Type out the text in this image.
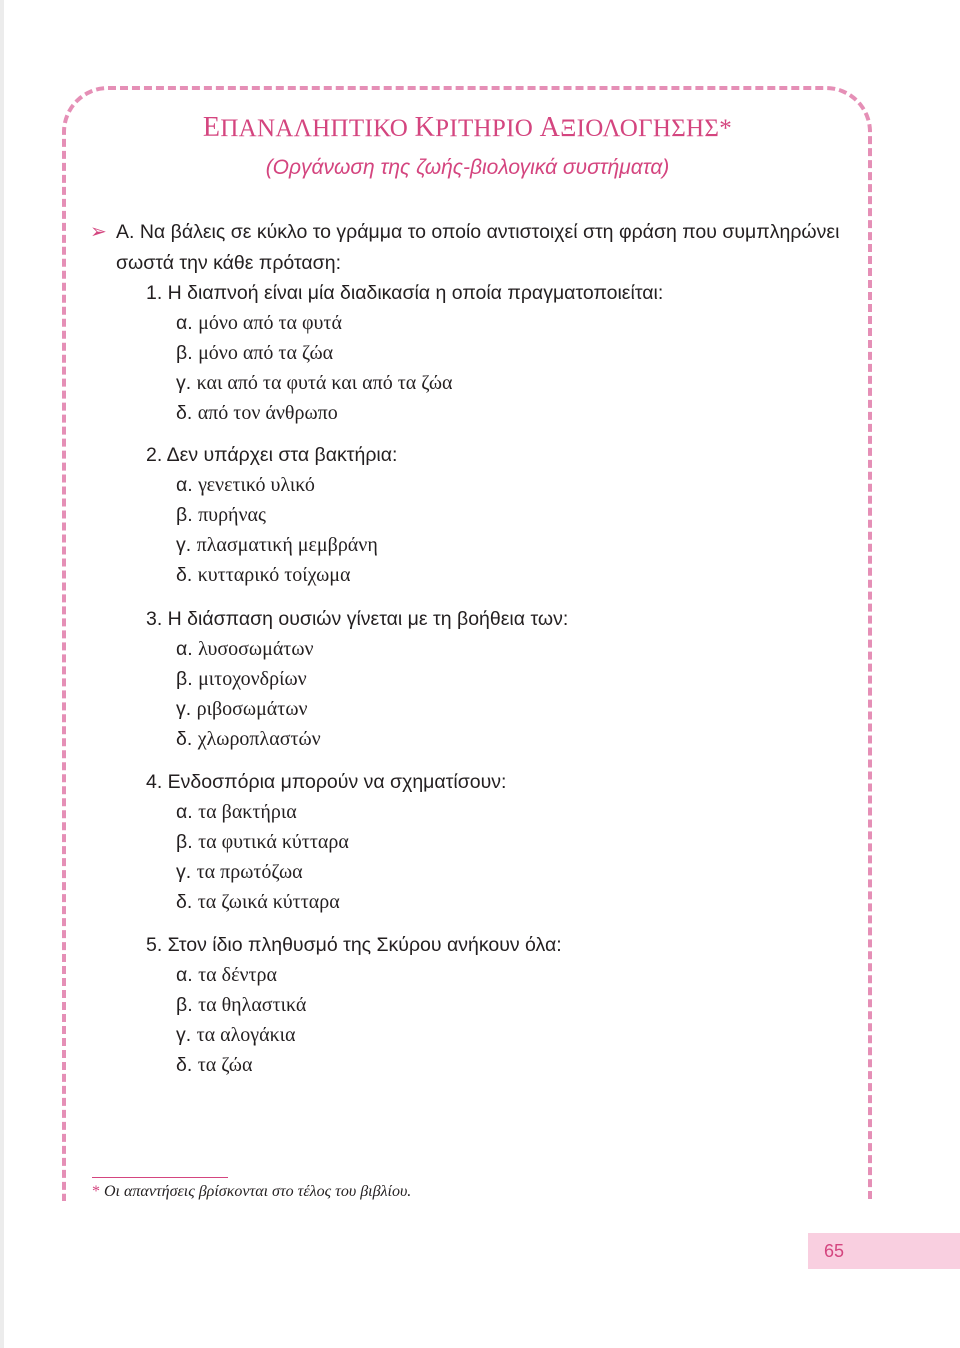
ΕΠΑΝΑΛΗΠΤΙΚΟ ΚΡΙΤΗΡΙΟ ΑΞΙΟΛΟΓΗΣΗΣ*

(Οργάνωση της ζωής-βιολογικά συστήματα)

➢ Α. Να βάλεις σε κύκλο το γράμμα το οποίο αντιστοιχεί στη φράση που συμπληρώνει σωστά την κάθε πρόταση:
1. Η διαπνοή είναι μία διαδικασία η οποία πραγματοποιείται:
α. μόνο από τα φυτά
β. μόνο από τα ζώα
γ. και από τα φυτά και από τα ζώα
δ. από τον άνθρωπο
2. Δεν υπάρχει στα βακτήρια:
α. γενετικό υλικό
β. πυρήνας
γ. πλασματική μεμβράνη
δ. κυτταρικό τοίχωμα
3. Η διάσπαση ουσιών γίνεται με τη βοήθεια των:
α. λυσοσωμάτων
β. μιτοχονδρίων
γ. ριβοσωμάτων
δ. χλωροπλαστών
4. Ενδοσπόρια μπορούν να σχηματίσουν:
α. τα βακτήρια
β. τα φυτικά κύτταρα
γ. τα πρωτόζωα
δ. τα ζωικά κύτταρα
5. Στον ίδιο πληθυσμό της Σκύρου ανήκουν όλα:
α. τα δέντρα
β. τα θηλαστικά
γ. τα αλογάκια
δ. τα ζώα
* Οι απαντήσεις βρίσκονται στο τέλος του βιβλίου.
65
